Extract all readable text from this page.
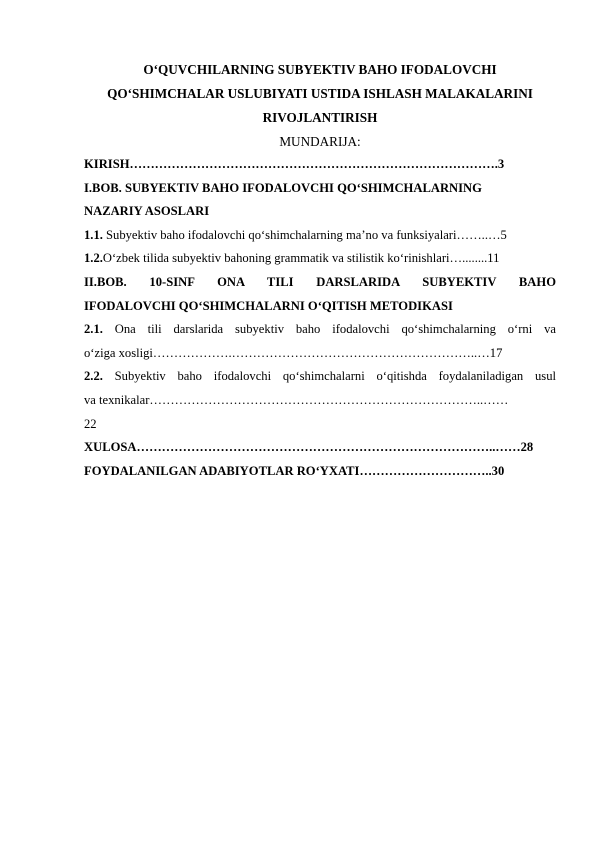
O‘QUVCHILARNING SUBYEKTIV BAHO IFODALOVCHI
QO‘SHIMCHALAR USLUBIYATI USTIDA ISHLASH MALAKALARINI
RIVOJLANTIRISH
MUNDARIJA:
KIRISH…………………………………………………………………………….3
I.BOB. SUBYEKTIV BAHO IFODALOVCHI QO‘SHIMCHALARNING
NAZARIY ASOSLARI
1.1. Subyektiv baho ifodalovchi qo‘shimchalarning ma’no va funksiyalari……..…5
1.2.O‘zbek tilida subyektiv bahoning grammatik va stilistik ko‘rinishlari…........11
II.BOB. 10-SINF ONA TILI DARSLARIDA SUBYEKTIV BAHO
IFODALOVCHI QO‘SHIMCHALARNI O‘QITISH METODIKASI
2.1. Ona tili darslarida subyektiv baho ifodalovchi qo‘shimchalarning o‘rni va
o‘ziga xosligi……………….…………………………………………………..…17
2.2. Subyektiv baho ifodalovchi qo‘shimchalarni o‘qitishda foydalaniladigan usul
va texnikalar……………………………………………………………………..……
22
XULOSA…………………………………………………………………………..……28
FOYDALANILGAN ADABIYOTLAR RO‘YXATI…………………………..30
